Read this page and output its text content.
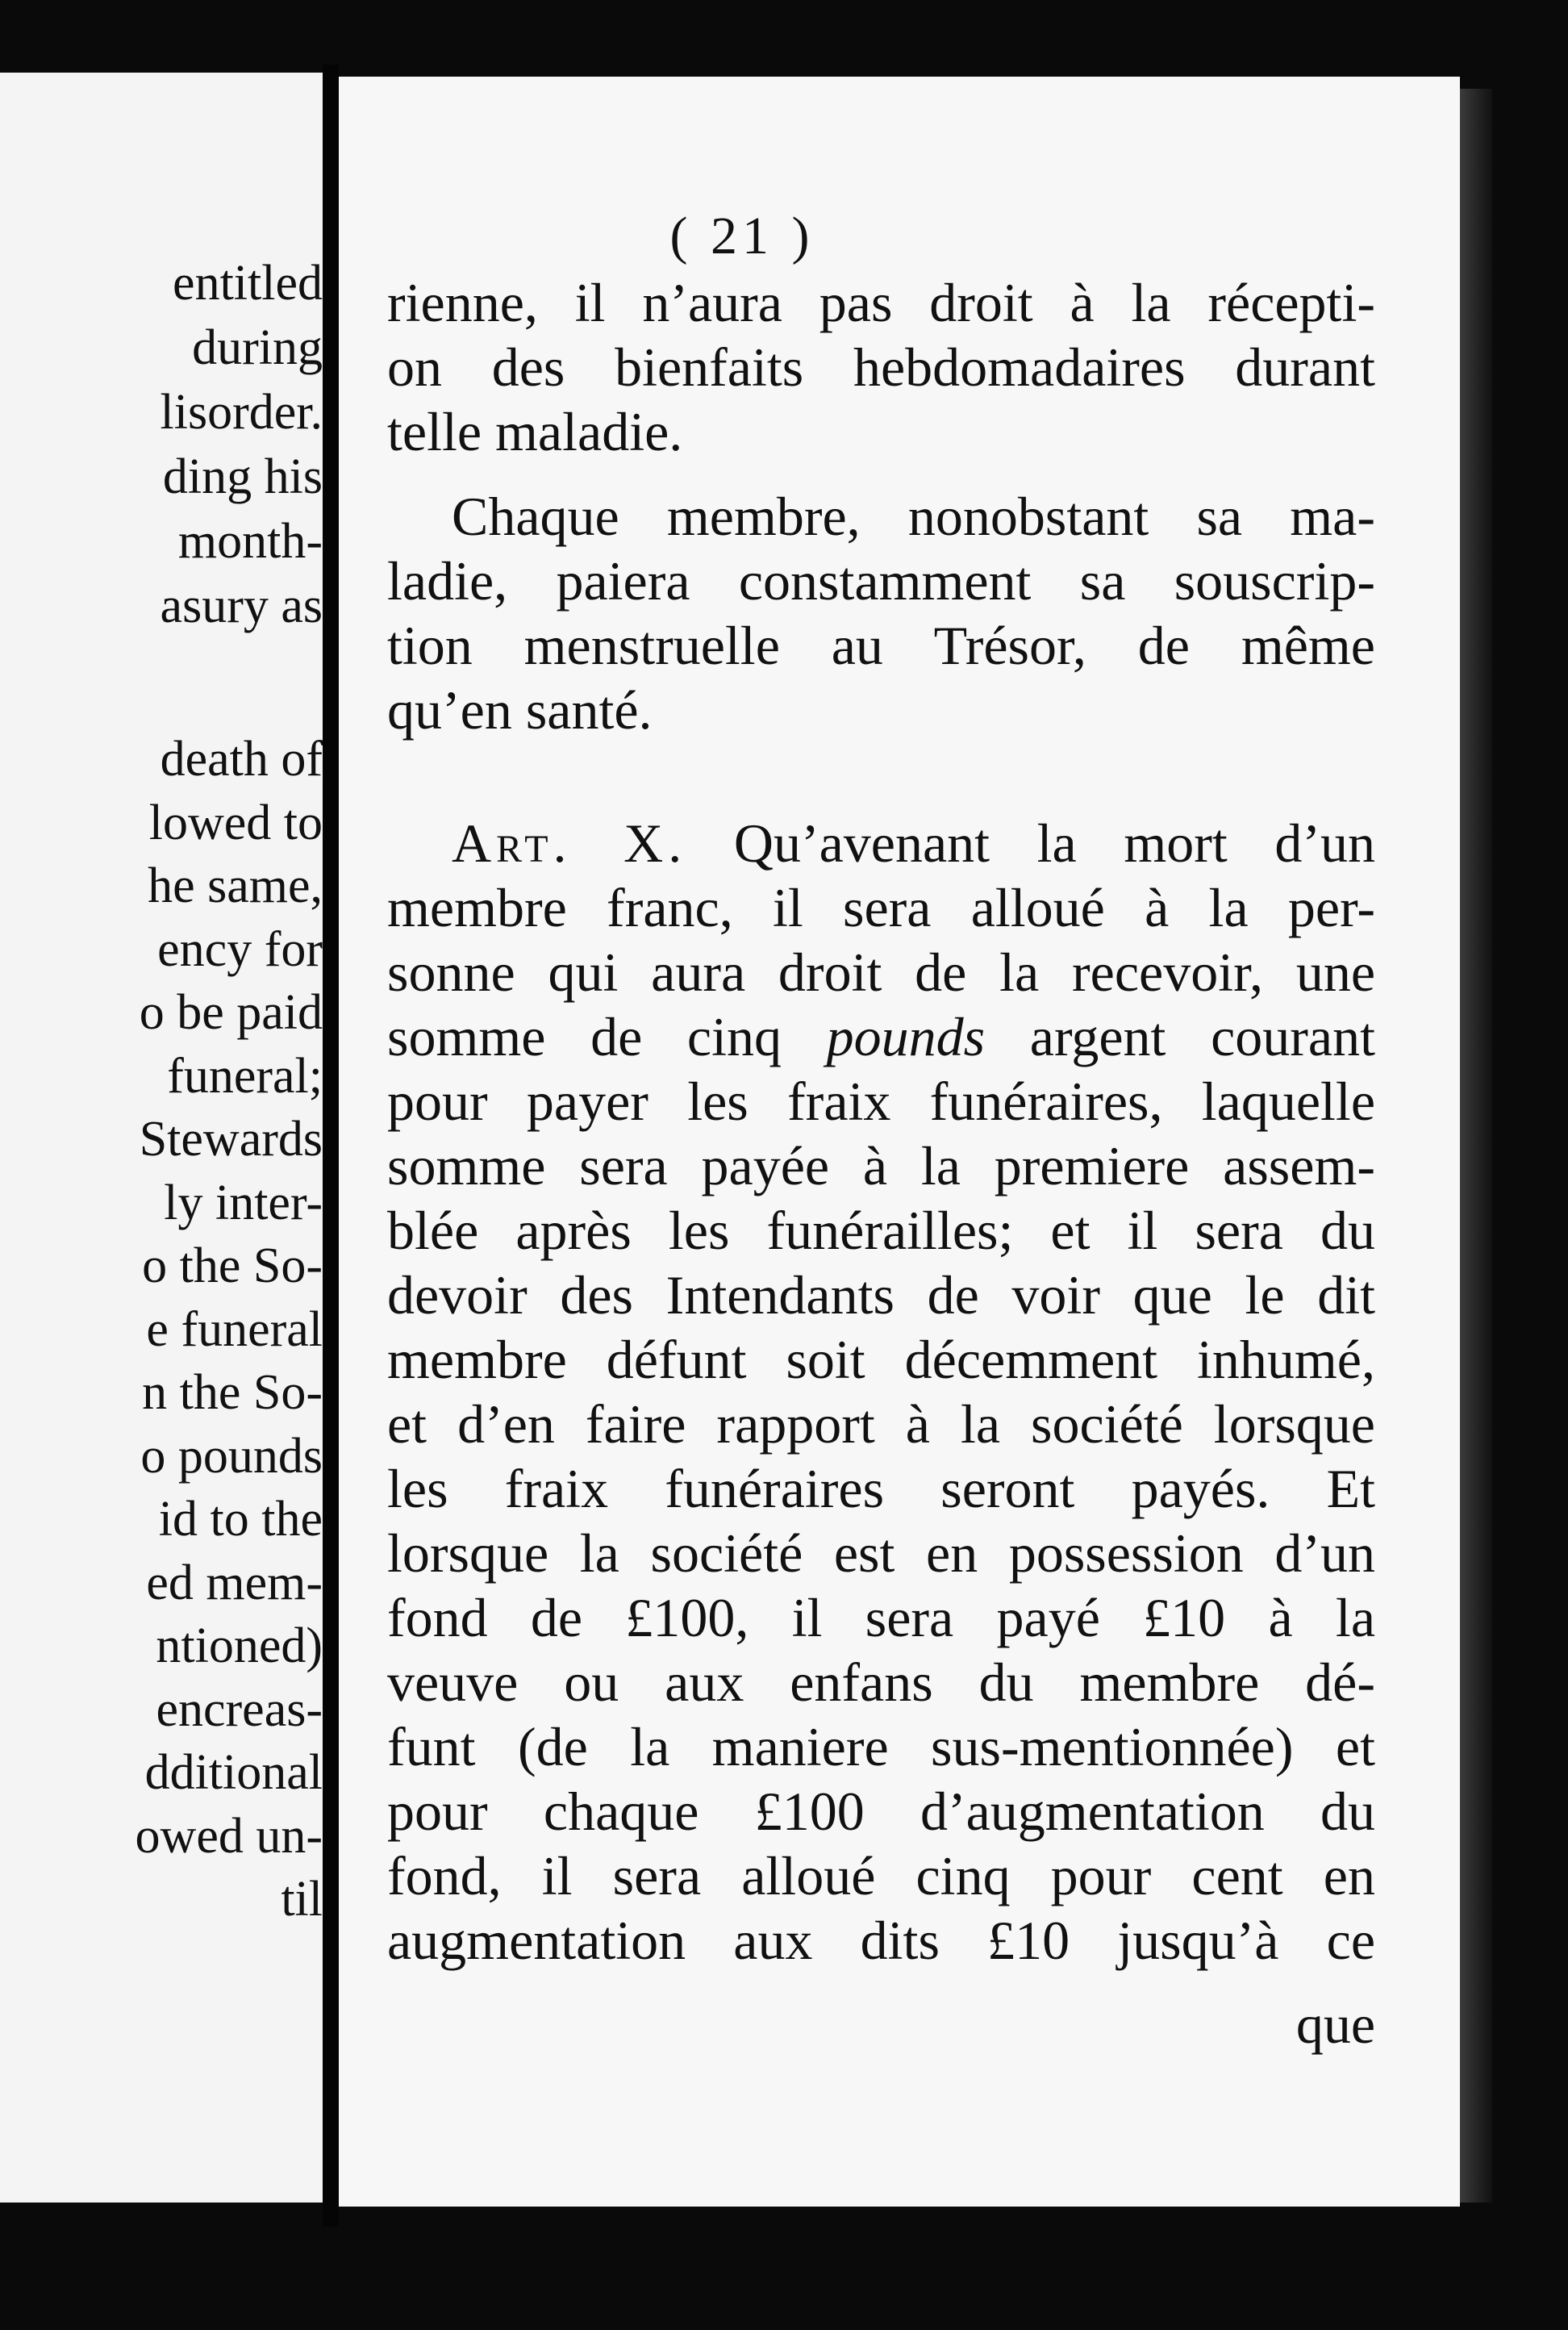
entitled
during
lisorder.
ding his
month-
asury as
death of
lowed to
he same,
ency for
o be paid
funeral;
Stewards
ly inter-
o the So-
e funeral
n the So-
o pounds
id to the
ed mem-
ntioned)
encreas-
dditional
owed un-
til
( 21 )
rienne, il n’aura pas droit à la récepti-
on des bienfaits hebdomadaires durant
telle maladie.
Chaque membre, nonobstant sa ma-
ladie, paiera constamment sa souscrip-
tion menstruelle au Trésor, de même
qu’en santé.
Art. X. Qu’avenant la mort d’un
membre franc, il sera alloué à la per-
sonne qui aura droit de la recevoir, une
somme de cinq pounds argent courant
pour payer les fraix funéraires, laquelle
somme sera payée à la premiere assem-
blée après les funérailles; et il sera du
devoir des Intendants de voir que le dit
membre défunt soit décemment inhumé,
et d’en faire rapport à la société lorsque
les fraix funéraires seront payés. Et
lorsque la société est en possession d’un
fond de £100, il sera payé £10 à la
veuve ou aux enfans du membre dé-
funt (de la maniere sus-mentionnée) et
pour chaque £100 d’augmentation du
fond, il sera alloué cinq pour cent en
augmentation aux dits £10 jusqu’à ce
que
